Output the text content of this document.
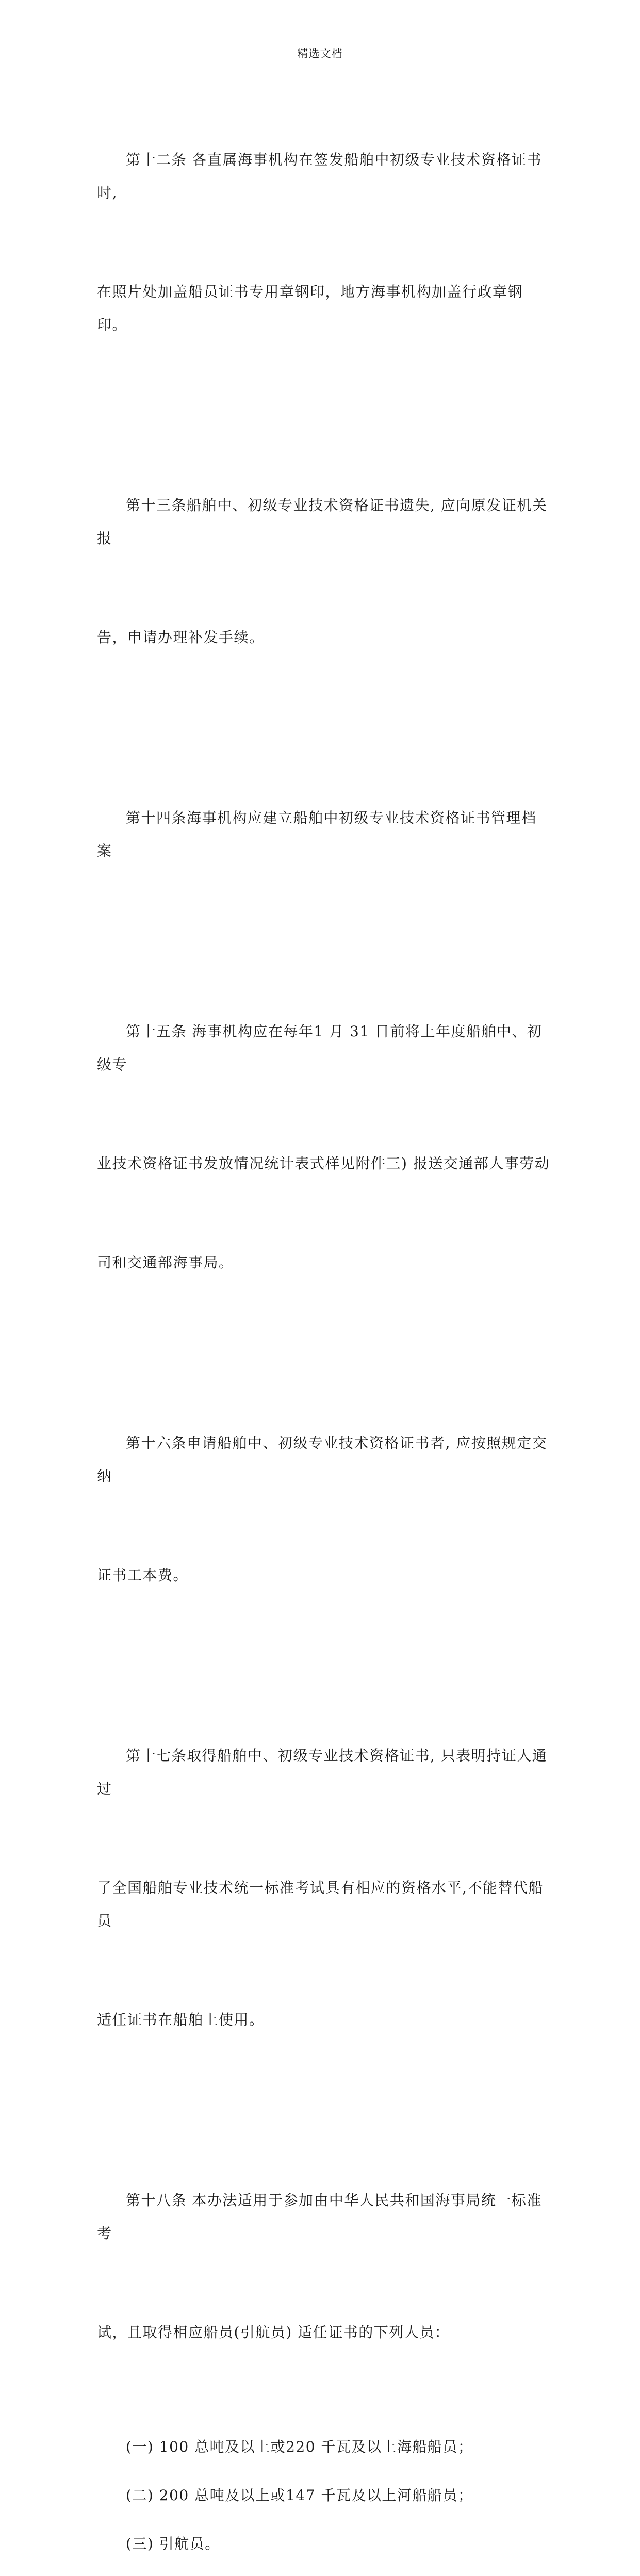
精选文档

第十二条 各直属海事机构在签发船舶中初级专业技术资格证书时,

在照片处加盖船员证书专用章钢印，地方海事机构加盖行政章钢印。

第十三条船舶中、初级专业技术资格证书遗失, 应向原发证机关报

告，申请办理补发手续。

第十四条海事机构应建立船舶中初级专业技术资格证书管理档案

第十五条 海事机构应在每年1 月 31 日前将上年度船舶中、初级专

业技术资格证书发放情况统计表式样见附件三) 报送交通部人事劳动

司和交通部海事局。

第十六条申请船舶中、初级专业技术资格证书者, 应按照规定交纳

证书工本费。

第十七条取得船舶中、初级专业技术资格证书, 只表明持证人通过

了全国船舶专业技术统一标准考试具有相应的资格水平,不能替代船员

适任证书在船舶上使用。

第十八条 本办法适用于参加由中华人民共和国海事局统一标准考

试，且取得相应船员(引航员) 适任证书的下列人员：

(一) 100 总吨及以上或220 千瓦及以上海船船员；
(二) 200 总吨及以上或147 千瓦及以上河船船员；
(三) 引航员。
